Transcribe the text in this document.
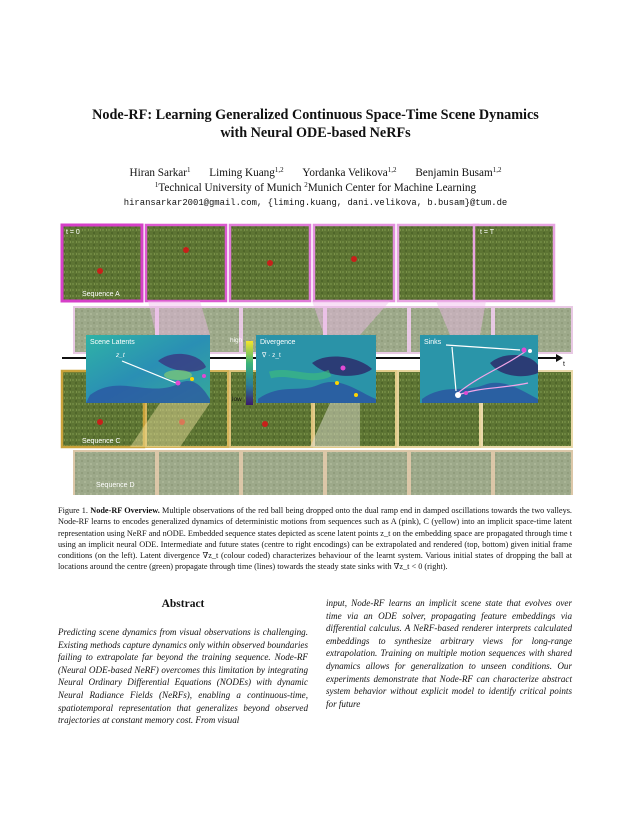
Node-RF: Learning Generalized Continuous Space-Time Scene Dynamics
with Neural ODE-based NeRFs
Hiran Sarkar$^1$ Liming Kuang$^{1,2}$ Yordanka Velikova$^{1,2}$ Benjamin Busam$^{1,2}$
$^1$Technical University of Munich $^2$Munich Center for Machine Learning
hiransarkar2001@gmail.com, {liming.kuang, dani.velikova, b.busam}@tum.de
Sequence D
Sequence C
t = 0	t = T
Sequence A
t
Scene Latents
z_t
high
low
Divergence
∇ · z_t
Sinks
Figure 1. Node-RF Overview. Multiple observations of the red ball being dropped onto the dual ramp end in damped oscillations towards the two valleys. Node-RF learns to encodes generalized dynamics of deterministic motions from sequences such as A (pink), C (yellow) into an implicit space-time latent representation using NeRF and nODE. Embedded sequence states depicted as scene latent points z_t on the embedding space are propagated through time t using an implicit neural ODE. Intermediate and future states (centre to right encodings) can be extrapolated and rendered (top, bottom) given initial frame conditions (on the left). Latent divergence ∇z_t (colour coded) characterizes behaviour of the learnt system. Various initial states of dropping the ball at locations around the centre (green) propagate through time (lines) towards the steady state sinks with ∇z_t < 0 (right).
Abstract
Predicting scene dynamics from visual observations is challenging. Existing methods capture dynamics only within observed boundaries failing to extrapolate far beyond the training sequence. Node-RF (Neural ODE-based NeRF) overcomes this limitation by integrating Neural Ordinary Differential Equations (NODEs) with dynamic Neural Radiance Fields (NeRFs), enabling a continuous-time, spatiotemporal representation that generalizes beyond observed trajectories at constant memory cost. From visual
input, Node-RF learns an implicit scene state that evolves over time via an ODE solver, propagating feature embeddings via differential calculus. A NeRF-based renderer interprets calculated embeddings to synthesize arbitrary views for long-range extrapolation. Training on multiple motion sequences with shared dynamics allows for generalization to unseen conditions. Our experiments demonstrate that Node-RF can characterize abstract system behavior without explicit model to identify critical points for future
